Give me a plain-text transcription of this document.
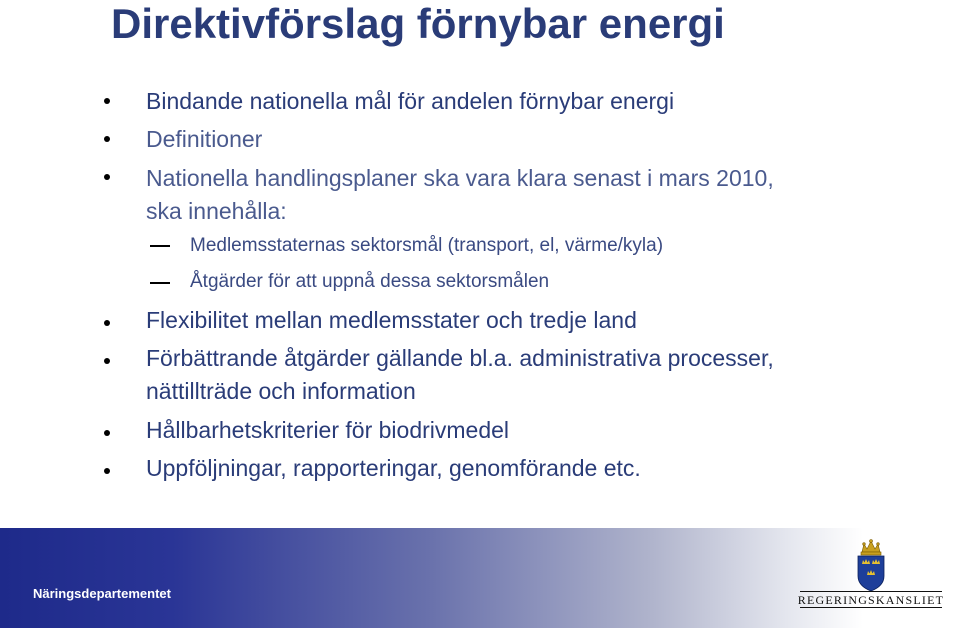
Direktivförslag förnybar energi
Bindande nationella mål för andelen förnybar energi
Definitioner
Nationella handlingsplaner ska vara klara senast i mars 2010,
ska innehålla:
Medlemsstaternas sektorsmål (transport, el, värme/kyla)
Åtgärder för att uppnå dessa sektorsmålen
Flexibilitet mellan medlemsstater och tredje land
Förbättrande åtgärder gällande bl.a. administrativa processer,
nättillträde och information
Hållbarhetskriterier för biodrivmedel
Uppföljningar, rapporteringar, genomförande etc.
Näringsdepartementet	REGERINGSKANSLIET
